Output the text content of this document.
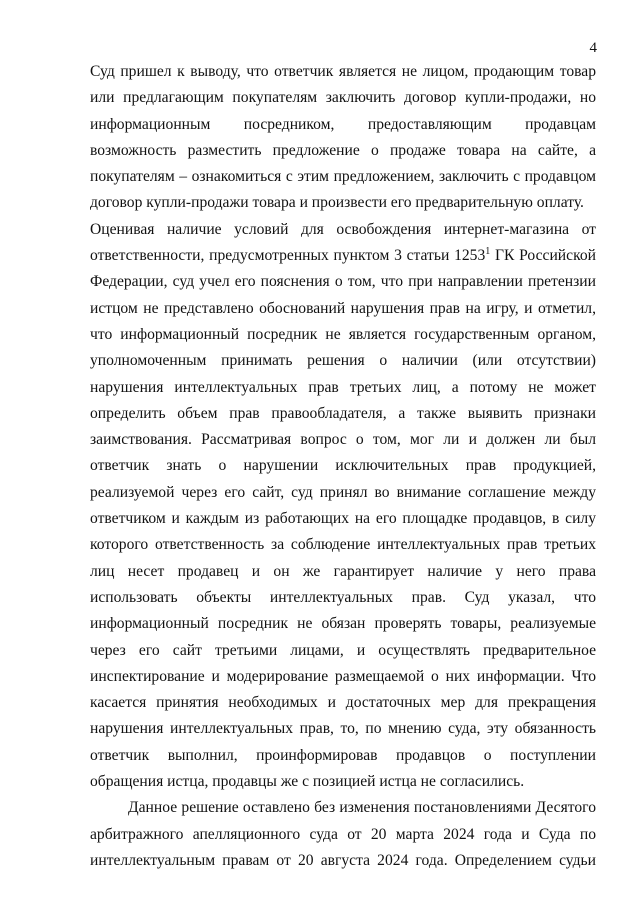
4
Суд пришел к выводу, что ответчик является не лицом, продающим товар
или предлагающим покупателям заключить договор купли-продажи, но
информационным посредником, предоставляющим продавцам
возможность разместить предложение о продаже товара на сайте, а
покупателям – ознакомиться с этим предложением, заключить с продавцом
договор купли-продажи товара и произвести его предварительную оплату.
Оценивая наличие условий для освобождения интернет-магазина от
ответственности, предусмотренных пунктом 3 статьи 1253$^1$ ГК Российской
Федерации, суд учел его пояснения о том, что при направлении претензии
истцом не представлено обоснований нарушения прав на игру, и отметил,
что информационный посредник не является государственным органом,
уполномоченным принимать решения о наличии (или отсутствии)
нарушения интеллектуальных прав третьих лиц, а потому не может
определить объем прав правообладателя, а также выявить признаки
заимствования. Рассматривая вопрос о том, мог ли и должен ли был
ответчик знать о нарушении исключительных прав продукцией,
реализуемой через его сайт, суд принял во внимание соглашение между
ответчиком и каждым из работающих на его площадке продавцов, в силу
которого ответственность за соблюдение интеллектуальных прав третьих
лиц несет продавец и он же гарантирует наличие у него права
использовать объекты интеллектуальных прав. Суд указал, что
информационный посредник не обязан проверять товары, реализуемые
через его сайт третьими лицами, и осуществлять предварительное
инспектирование и модерирование размещаемой о них информации. Что
касается принятия необходимых и достаточных мер для прекращения
нарушения интеллектуальных прав, то, по мнению суда, эту обязанность
ответчик выполнил, проинформировав продавцов о поступлении
обращения истца, продавцы же с позицией истца не согласились.
Данное решение оставлено без изменения постановлениями Десятого
арбитражного апелляционного суда от 20 марта 2024 года и Суда по
интеллектуальным правам от 20 августа 2024 года. Определением судьи
